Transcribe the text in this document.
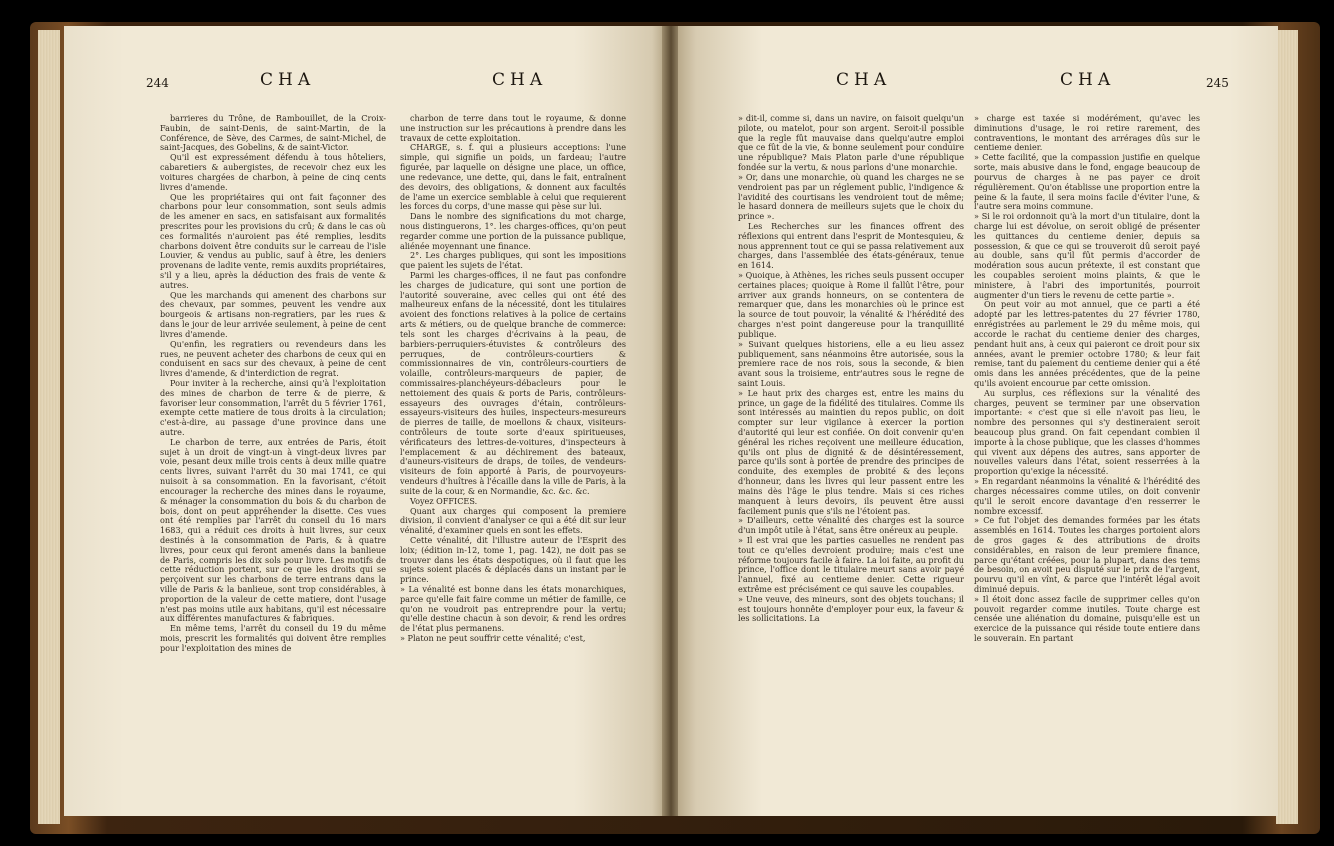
244	CHA	CHA

barrieres du Trône, de Rambouillet, de la Croix-Faubin, de saint-Denis, de saint-Martin, de la Conférence, de Sève, des Carmes, de saint-Michel, de saint-Jacques, des Gobelins, & de saint-Victor.

Qu'il est expressément défendu à tous hôteliers, cabaretiers & aubergistes, de recevoir chez eux les voitures chargées de charbon, à peine de cinq cents livres d'amende.

Que les propriétaires qui ont fait façonner des charbons pour leur consommation, sont seuls admis de les amener en sacs, en satisfaisant aux formalités prescrites pour les provisions du crû; & dans le cas où ces formalités n'auroient pas été remplies, lesdits charbons doivent être conduits sur le carreau de l'isle Louvier, & vendus au public, sauf à être, les deniers provenans de ladite vente, remis auxdits propriétaires, s'il y a lieu, après la déduction des frais de vente & autres.

Que les marchands qui amenent des charbons sur des chevaux, par sommes, peuvent les vendre aux bourgeois & artisans non-regratiers, par les rues & dans le jour de leur arrivée seulement, à peine de cent livres d'amende.

Qu'enfin, les regratiers ou revendeurs dans les rues, ne peuvent acheter des charbons de ceux qui en conduisent en sacs sur des chevaux, à peine de cent livres d'amende, & d'interdiction de regrat.

Pour inviter à la recherche, ainsi qu'à l'exploitation des mines de charbon de terre & de pierre, & favoriser leur consommation, l'arrêt du 5 février 1761, exempte cette matiere de tous droits à la circulation; c'est-à-dire, au passage d'une province dans une autre.

Le charbon de terre, aux entrées de Paris, étoit sujet à un droit de vingt-un à vingt-deux livres par voie, pesant deux mille trois cents à deux mille quatre cents livres, suivant l'arrêt du 30 mai 1741, ce qui nuisoit à sa consommation. En la favorisant, c'étoit encourager la recherche des mines dans le royaume, & ménager la consommation du bois & du charbon de bois, dont on peut appréhender la disette. Ces vues ont été remplies par l'arrêt du conseil du 16 mars 1683, qui a réduit ces droits à huit livres, sur ceux destinés à la consommation de Paris, & à quatre livres, pour ceux qui feront amenés dans la banlieue de Paris, compris les dix sols pour livre. Les motifs de cette réduction portent, sur ce que les droits qui se perçoivent sur les charbons de terre entrans dans la ville de Paris & la banlieue, sont trop considérables, à proportion de la valeur de cette matiere, dont l'usage n'est pas moins utile aux habitans, qu'il est nécessaire aux différentes manufactures & fabriques.

En même tems, l'arrêt du conseil du 19 du même mois, prescrit les formalités qui doivent être remplies pour l'exploitation des mines de

charbon de terre dans tout le royaume, & donne une instruction sur les précautions à prendre dans les travaux de cette exploitation.

CHARGE, s. f. qui a plusieurs acceptions: l'une simple, qui signifie un poids, un fardeau; l'autre figurée, par laquelle on désigne une place, un office, une redevance, une dette, qui, dans le fait, entraînent des devoirs, des obligations, & donnent aux facultés de l'ame un exercice semblable à celui que requierent les forces du corps, d'une masse qui pèse sur lui.

Dans le nombre des significations du mot charge, nous distinguerons, 1°. les charges-offices, qu'on peut regarder comme une portion de la puissance publique, aliénée moyennant une finance.

2°. Les charges publiques, qui sont les impositions que paient les sujets de l'état.

Parmi les charges-offices, il ne faut pas confondre les charges de judicature, qui sont une portion de l'autorité souveraine, avec celles qui ont été des malheureux enfans de la nécessité, dont les titulaires avoient des fonctions relatives à la police de certains arts & métiers, ou de quelque branche de commerce: tels sont les charges d'écrivains à la peau, de barbiers-perruquiers-étuvistes & contrôleurs des perruques, de contrôleurs-courtiers & commissionnaires de vin, contrôleurs-courtiers de volaille, contrôleurs-marqueurs de papier, de commissaires-planchéyeurs-débacleurs pour le nettoiement des quais & ports de Paris, contrôleurs-essayeurs des ouvrages d'étain, contrôleurs-essayeurs-visiteurs des huiles, inspecteurs-mesureurs de pierres de taille, de moellons & chaux, visiteurs-contrôleurs de toute sorte d'eaux spiritueuses, vérificateurs des lettres-de-voitures, d'inspecteurs à l'emplacement & au déchirement des bateaux, d'auneurs-visiteurs de draps, de toiles, de vendeurs-visiteurs de foin apporté à Paris, de pourvoyeurs-vendeurs d'huîtres à l'écaille dans la ville de Paris, à la suite de la cour, & en Normandie, &c. &c. &c.

Voyez OFFICES.

Quant aux charges qui composent la premiere division, il convient d'analyser ce qui a été dit sur leur vénalité, d'examiner quels en sont les effets.

Cette vénalité, dit l'illustre auteur de l'Esprit des loix; (édition in-12, tome 1, pag. 142), ne doit pas se trouver dans les états despotiques, où il faut que les sujets soient placés & déplacés dans un instant par le prince.

» La vénalité est bonne dans les états monarchiques, parce qu'elle fait faire comme un métier de famille, ce qu'on ne voudroit pas entreprendre pour la vertu; qu'elle destine chacun à son devoir, & rend les ordres de l'état plus permanens.

» Platon ne peut souffrir cette vénalité; c'est,

CHA	CHA	245

» dit-il, comme si, dans un navire, on faisoit quelqu'un pilote, ou matelot, pour son argent. Seroit-il possible que la regle fût mauvaise dans quelqu'autre emploi que ce fût de la vie, & bonne seulement pour conduire une république? Mais Platon parle d'une république fondée sur la vertu, & nous parlons d'une monarchie.

» Or, dans une monarchie, où quand les charges ne se vendroient pas par un réglement public, l'indigence & l'avidité des courtisans les vendroient tout de même; le hasard donnera de meilleurs sujets que le choix du prince ».

Les Recherches sur les finances offrent des réflexions qui entrent dans l'esprit de Montesquieu, & nous apprennent tout ce qui se passa relativement aux charges, dans l'assemblée des états-généraux, tenue en 1614.

» Quoique, à Athènes, les riches seuls pussent occuper certaines places; quoique à Rome il fallût l'être, pour arriver aux grands honneurs, on se contentera de remarquer que, dans les monarchies où le prince est la source de tout pouvoir, la vénalité & l'hérédité des charges n'est point dangereuse pour la tranquillité publique.

» Suivant quelques historiens, elle a eu lieu assez publiquement, sans néanmoins être autorisée, sous la premiere race de nos rois, sous la seconde, & bien avant sous la troisieme, entr'autres sous le regne de saint Louis.

» Le haut prix des charges est, entre les mains du prince, un gage de la fidélité des titulaires. Comme ils sont intéressés au maintien du repos public, on doit compter sur leur vigilance à exercer la portion d'autorité qui leur est confiée. On doit convenir qu'en général les riches reçoivent une meilleure éducation, qu'ils ont plus de dignité & de désintéressement, parce qu'ils sont à portée de prendre des principes de conduite, des exemples de probité & des leçons d'honneur, dans les livres qui leur passent entre les mains dès l'âge le plus tendre. Mais si ces riches manquent à leurs devoirs, ils peuvent être aussi facilement punis que s'ils ne l'étoient pas.

» D'ailleurs, cette vénalité des charges est la source d'un impôt utile à l'état, sans être onéreux au peuple.

» Il est vrai que les parties casuelles ne rendent pas tout ce qu'elles devroient produire; mais c'est une réforme toujours facile à faire. La loi faite, au profit du prince, l'office dont le titulaire meurt sans avoir payé l'annuel, fixé au centieme denier. Cette rigueur extrême est précisément ce qui sauve les coupables.

» Une veuve, des mineurs, sont des objets touchans; il est toujours honnête d'employer pour eux, la faveur & les sollicitations. La

» charge est taxée si modérément, qu'avec les diminutions d'usage, le roi retire rarement, des contraventions, le montant des arrérages dûs sur le centieme denier.

» Cette facilité, que la compassion justifie en quelque sorte, mais abusive dans le fond, engage beaucoup de pourvus de charges à ne pas payer ce droit régulièrement. Qu'on établisse une proportion entre la peine & la faute, il sera moins facile d'éviter l'une, & l'autre sera moins commune.

» Si le roi ordonnoit qu'à la mort d'un titulaire, dont la charge lui est dévolue, on seroit obligé de présenter les quittances du centieme denier, depuis sa possession, & que ce qui se trouveroit dû seroit payé au double, sans qu'il fût permis d'accorder de modération sous aucun prétexte, il est constant que les coupables seroient moins plaints, & que le ministere, à l'abri des importunités, pourroit augmenter d'un tiers le revenu de cette partie ».

On peut voir au mot annuel, que ce parti a été adopté par les lettres-patentes du 27 février 1780, enrégistrées au parlement le 29 du même mois, qui accorde le rachat du centieme denier des charges, pendant huit ans, à ceux qui paieront ce droit pour six années, avant le premier octobre 1780; & leur fait remise, tant du paiement du centieme denier qui a été omis dans les années précédentes, que de la peine qu'ils avoient encourue par cette omission.

Au surplus, ces réflexions sur la vénalité des charges, peuvent se terminer par une observation importante: « c'est que si elle n'avoit pas lieu, le nombre des personnes qui s'y destineraient seroit beaucoup plus grand. On fait cependant combien il importe à la chose publique, que les classes d'hommes qui vivent aux dépens des autres, sans apporter de nouvelles valeurs dans l'état, soient resserrées à la proportion qu'exige la nécessité.

» En regardant néanmoins la vénalité & l'hérédité des charges nécessaires comme utiles, on doit convenir qu'il le seroit encore davantage d'en resserrer le nombre excessif.

» Ce fut l'objet des demandes formées par les états assemblés en 1614. Toutes les charges portoient alors de gros gages & des attributions de droits considérables, en raison de leur premiere finance, parce qu'étant créées, pour la plupart, dans des tems de besoin, on avoit peu disputé sur le prix de l'argent, pourvu qu'il en vînt, & parce que l'intérêt légal avoit diminué depuis.

» Il étoit donc assez facile de supprimer celles qu'on pouvoit regarder comme inutiles. Toute charge est censée une aliénation du domaine, puisqu'elle est un exercice de la puissance qui réside toute entiere dans le souverain. En partant
